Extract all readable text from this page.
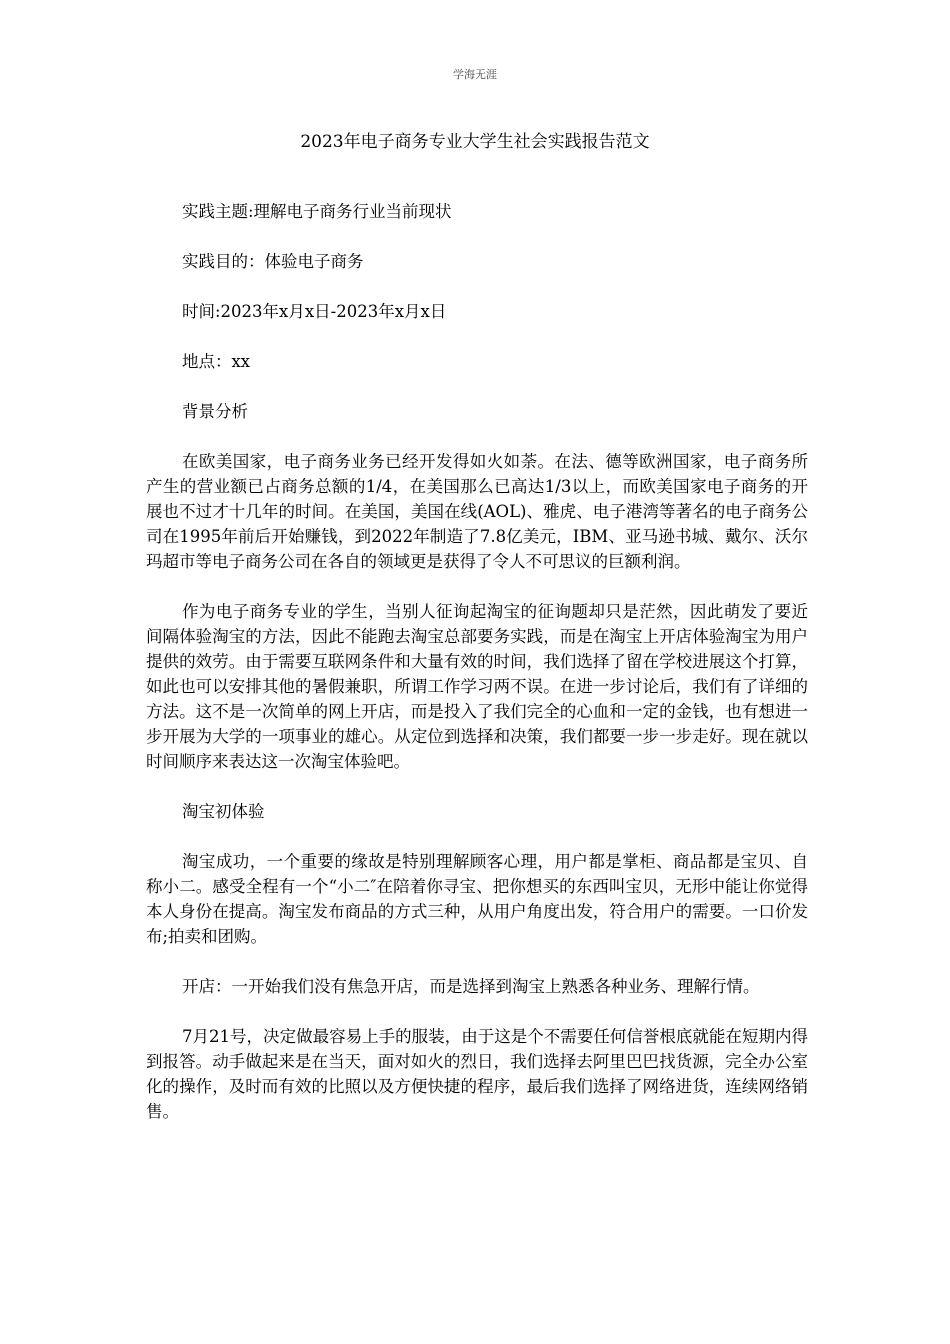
学海无涯
2023年电子商务专业大学生社会实践报告范文

实践主题:理解电子商务行业当前现状

实践目的：体验电子商务

时间:2023年x月x日-2023年x月x日

地点：xx

背景分析

在欧美国家，电子商务业务已经开发得如火如荼。在法、德等欧洲国家，电子商务所产生的营业额已占商务总额的1/4，在美国那么已高达1/3以上，而欧美国家电子商务的开展也不过才十几年的时间。在美国，美国在线(AOL)、雅虎、电子港湾等著名的电子商务公司在1995年前后开始赚钱，到2022年制造了7.8亿美元，IBM、亚马逊书城、戴尔、沃尔玛超市等电子商务公司在各自的领域更是获得了令人不可思议的巨额利润。

作为电子商务专业的学生，当别人征询起淘宝的征询题却只是茫然，因此萌发了要近间隔体验淘宝的方法，因此不能跑去淘宝总部要务实践，而是在淘宝上开店体验淘宝为用户提供的效劳。由于需要互联网条件和大量有效的时间，我们选择了留在学校进展这个打算，如此也可以安排其他的暑假兼职，所谓工作学习两不误。在进一步讨论后，我们有了详细的方法。这不是一次简单的网上开店，而是投入了我们完全的心血和一定的金钱，也有想进一步开展为大学的一项事业的雄心。从定位到选择和决策，我们都要一步一步走好。现在就以时间顺序来表达这一次淘宝体验吧。

淘宝初体验

淘宝成功，一个重要的缘故是特别理解顾客心理，用户都是掌柜、商品都是宝贝、自称小二。感受全程有一个“小二″在陪着你寻宝、把你想买的东西叫宝贝，无形中能让你觉得本人身份在提高。淘宝发布商品的方式三种，从用户角度出发，符合用户的需要。一口价发布;拍卖和团购。

开店：一开始我们没有焦急开店，而是选择到淘宝上熟悉各种业务、理解行情。

7月21号，决定做最容易上手的服装，由于这是个不需要任何信誉根底就能在短期内得到报答。动手做起来是在当天，面对如火的烈日，我们选择去阿里巴巴找货源，完全办公室化的操作，及时而有效的比照以及方便快捷的程序，最后我们选择了网络进货，连续网络销售。
